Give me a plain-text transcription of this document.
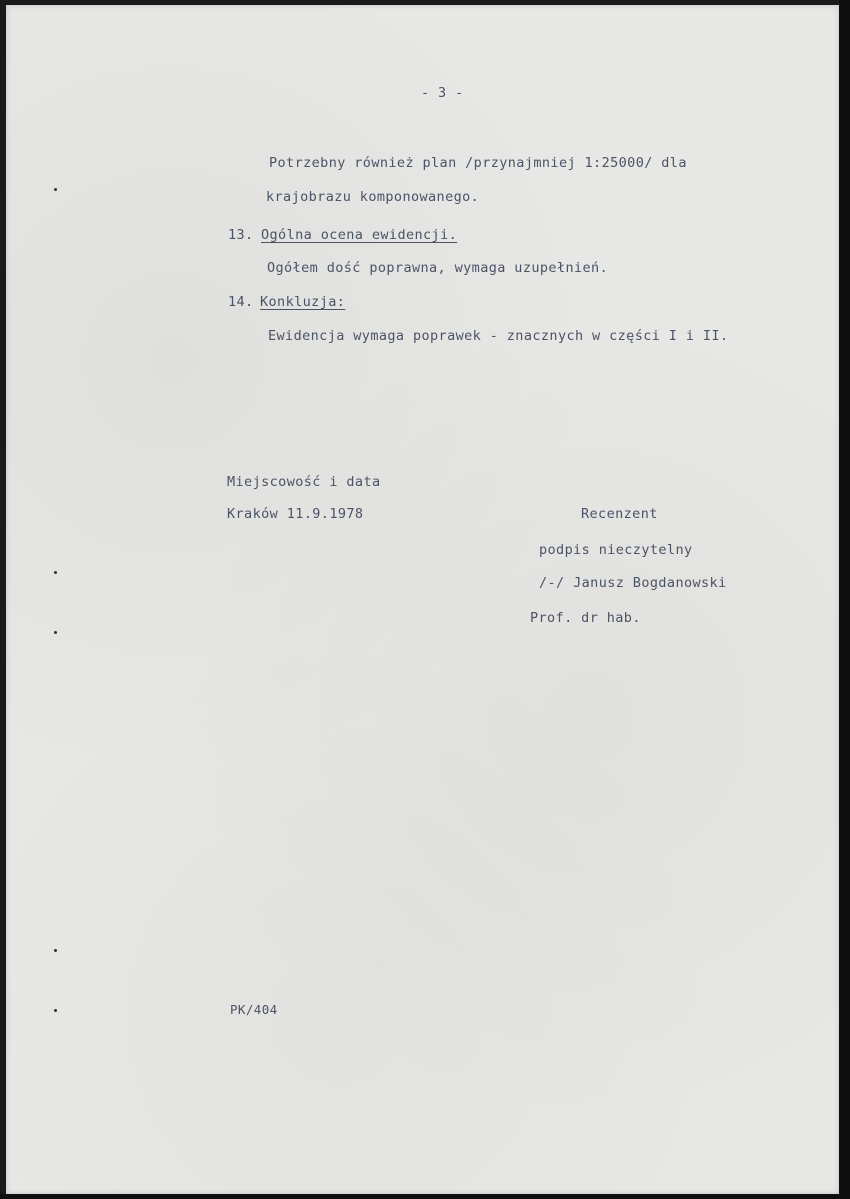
- 3 -
Potrzebny również plan /przynajmniej 1:25000/ dla
krajobrazu komponowanego.
13. Ogólna ocena ewidencji.
Ogółem dość poprawna, wymaga uzupełnień.
14. Konkluzja:
Ewidencja wymaga poprawek - znacznych w części I i II.
Miejscowość i data
Kraków 11.9.1978	Recenzent
podpis nieczytelny
/-/ Janusz Bogdanowski
Prof. dr hab.
PK/404
